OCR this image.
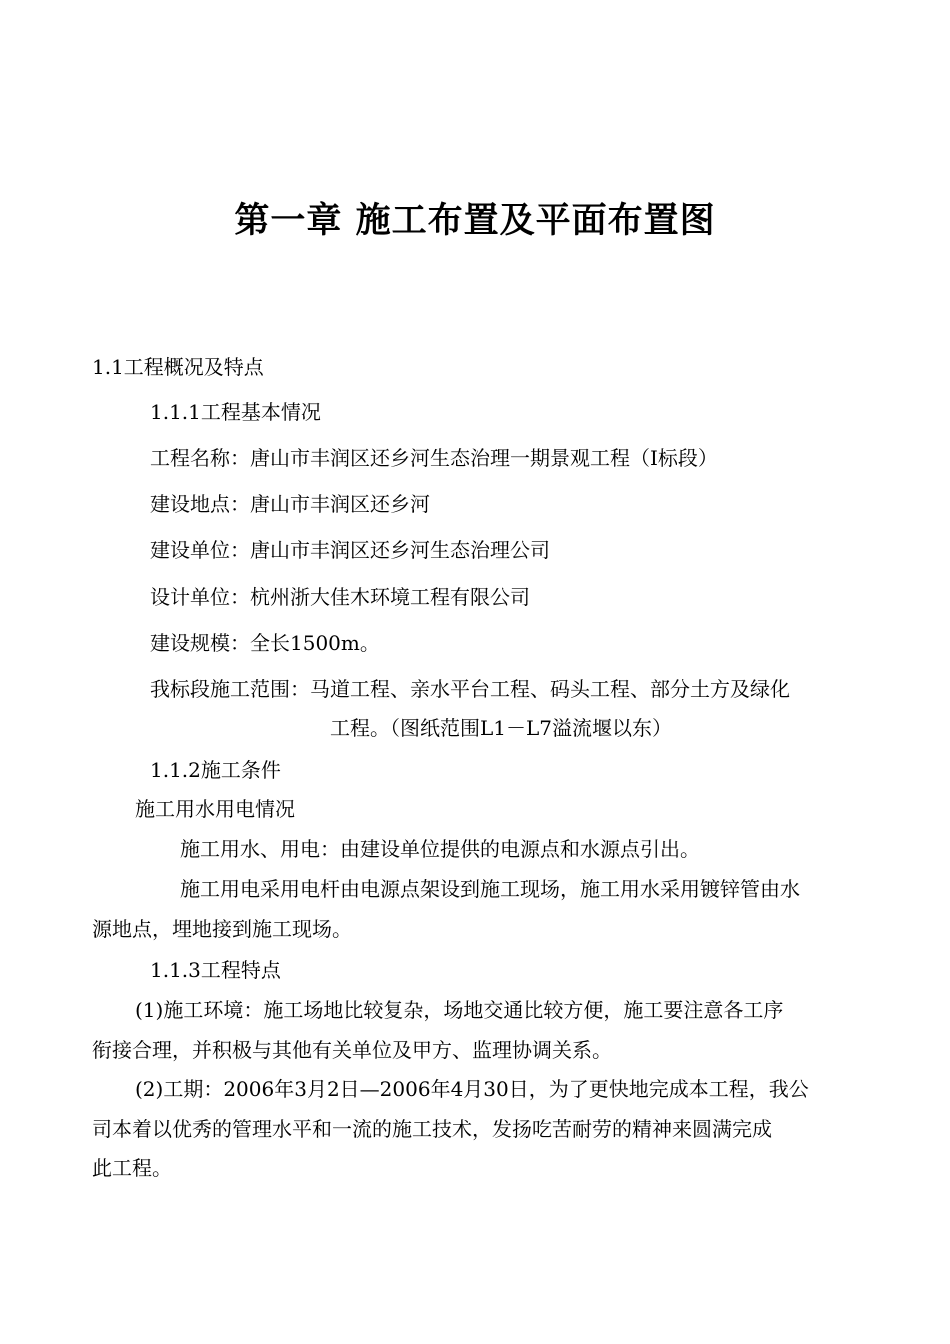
第一章 施工布置及平面布置图
1.1工程概况及特点
1.1.1工程基本情况
工程名称：唐山市丰润区还乡河生态治理一期景观工程（Ⅰ标段）
建设地点：唐山市丰润区还乡河
建设单位：唐山市丰润区还乡河生态治理公司
设计单位：杭州浙大佳木环境工程有限公司
建设规模：全长1500m。
我标段施工范围：马道工程、亲水平台工程、码头工程、部分土方及绿化
工程。（图纸范围L1－L7溢流堰以东）
1.1.2施工条件
施工用水用电情况
施工用水、用电：由建设单位提供的电源点和水源点引出。
施工用电采用电杆由电源点架设到施工现场，施工用水采用镀锌管由水
源地点，埋地接到施工现场。
1.1.3工程特点
(1)施工环境：施工场地比较复杂，场地交通比较方便，施工要注意各工序
衔接合理，并积极与其他有关单位及甲方、监理协调关系。
(2)工期：2006年3月2日—2006年4月30日，为了更快地完成本工程，我公
司本着以优秀的管理水平和一流的施工技术，发扬吃苦耐劳的精神来圆满完成
此工程。
